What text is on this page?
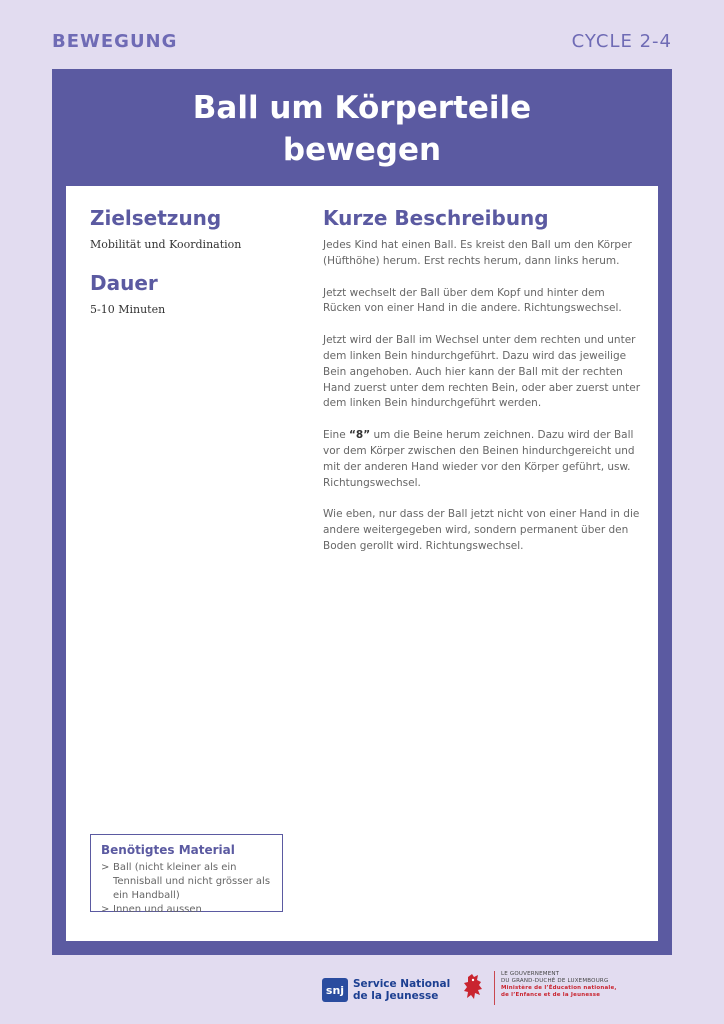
BEWEGUNG	CYCLE 2-4
Ball um Körperteile
bewegen
Zielsetzung
Mobilität und Koordination
Dauer
5-10 Minuten
Kurze Beschreibung

Jedes Kind hat einen Ball. Es kreist den Ball um den Körper (Hüfthöhe) herum. Erst rechts herum, dann links herum.

Jetzt wechselt der Ball über dem Kopf und hinter dem Rücken von einer Hand in die andere. Richtungswechsel.

Jetzt wird der Ball im Wechsel unter dem rechten und unter dem linken Bein hindurchgeführt. Dazu wird das jeweilige Bein angehoben. Auch hier kann der Ball mit der rechten Hand zuerst unter dem rechten Bein, oder aber zuerst unter dem linken Bein hindurchgeführt werden.

Eine “8” um die Beine herum zeichnen. Dazu wird der Ball vor dem Körper zwischen den Beinen hindurchgereicht und mit der anderen Hand wieder vor den Körper geführt, usw. Richtungswechsel.

Wie eben, nur dass der Ball jetzt nicht von einer Hand in die andere weitergegeben wird, sondern permanent über den Boden gerollt wird. Richtungswechsel.

Benötigtes Material
> Ball (nicht kleiner als ein Tennisball und nicht grösser als ein Handball)
> Innen und aussen
snj Service National
de la Jeunesse
LE GOUVERNEMENT
DU GRAND-DUCHÉ DE LUXEMBOURG
Ministère de l’Éducation nationale,
de l’Enfance et de la Jeunesse
